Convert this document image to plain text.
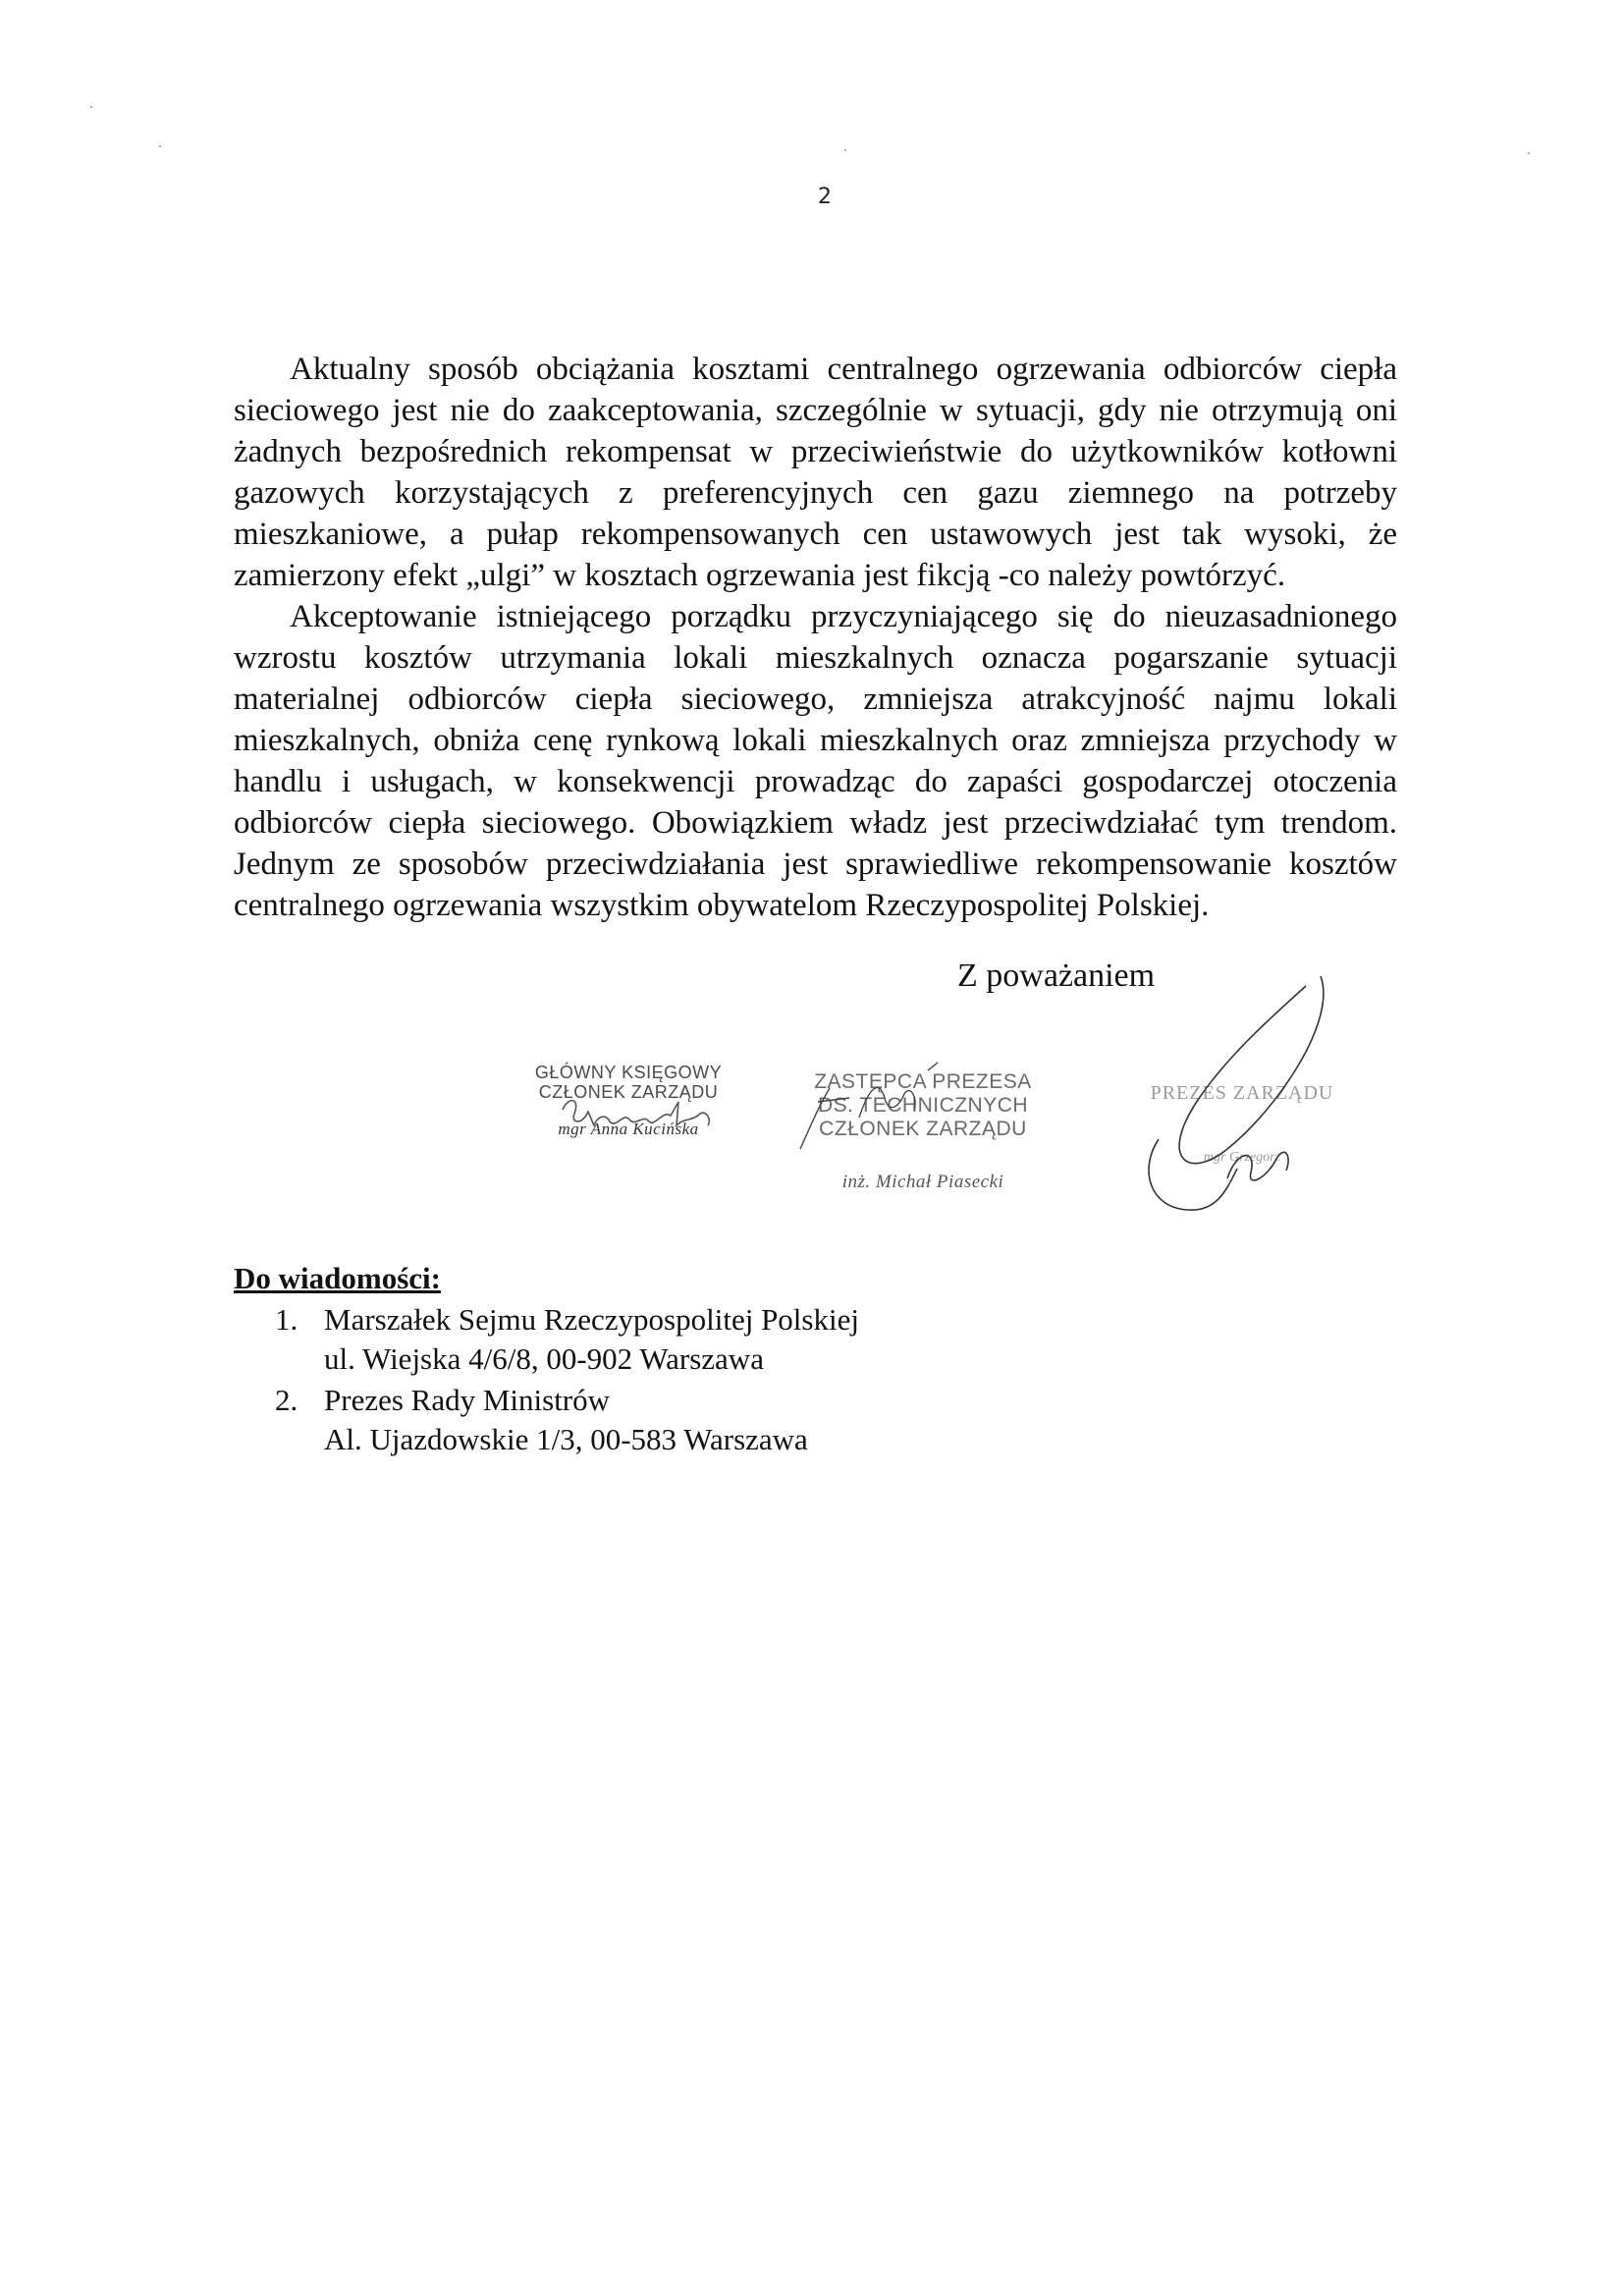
2

Aktualny sposób obciążania kosztami centralnego ogrzewania odbiorców ciepła sieciowego jest nie do zaakceptowania, szczególnie w sytuacji, gdy nie otrzymują oni żadnych bezpośrednich rekompensat w przeciwieństwie do użytkowników kotłowni gazowych korzystających z preferencyjnych cen gazu ziemnego na potrzeby mieszkaniowe, a pułap rekompensowanych cen ustawowych jest tak wysoki, że zamierzony efekt „ulgi” w kosztach ogrzewania jest fikcją -co należy powtórzyć.

Akceptowanie istniejącego porządku przyczyniającego się do nieuzasadnionego wzrostu kosztów utrzymania lokali mieszkalnych oznacza pogarszanie sytuacji materialnej odbiorców ciepła sieciowego, zmniejsza atrakcyjność najmu lokali mieszkalnych, obniża cenę rynkową lokali mieszkalnych oraz zmniejsza przychody w handlu i usługach, w konsekwencji prowadząc do zapaści gospodarczej otoczenia odbiorców ciepła sieciowego. Obowiązkiem władz jest przeciwdziałać tym trendom. Jednym ze sposobów przeciwdziałania jest sprawiedliwe rekompensowanie kosztów centralnego ogrzewania wszystkim obywatelom Rzeczypospolitej Polskiej.

Z poważaniem
GŁÓWNY KSIĘGOWY
CZŁONEK ZARZĄDU
mgr Anna Kucińska
ZASTĘPCA PREZESA
DS. TECHNICZNYCH
CZŁONEK ZARZĄDU
inż. Michał Piasecki
PREZES ZARZĄDU
mgr Grzegorz
Do wiadomości:
1. Marszałek Sejmu Rzeczypospolitej Polskiej
ul. Wiejska 4/6/8, 00-902 Warszawa
2. Prezes Rady Ministrów
Al. Ujazdowskie 1/3, 00-583 Warszawa
